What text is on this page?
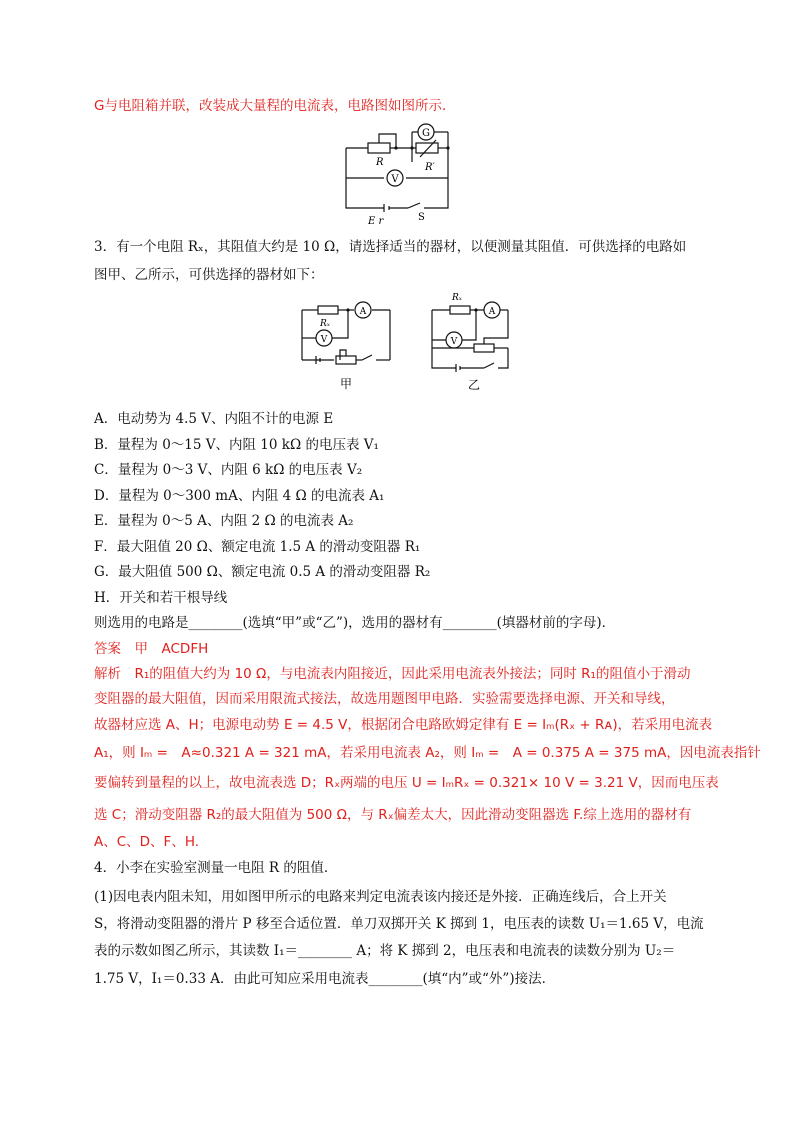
G与电阻箱并联，改装成大量程的电流表，电路图如图所示．
G
V
R	R′
E r	S
3．有一个电阻 Rₓ，其阻值大约是 10 Ω，请选择适当的器材，以便测量其阻值．可供选择的电路如
图甲、乙所示，可供选择的器材如下：
A
V
Rₓ
甲
A
V
Rₓ
乙
A．电动势为 4.5 V、内阻不计的电源 E
B．量程为 0～15 V、内阻 10 kΩ 的电压表 V₁
C．量程为 0～3 V、内阻 6 kΩ 的电压表 V₂
D．量程为 0～300 mA、内阻 4 Ω 的电流表 A₁
E．量程为 0～5 A、内阻 2 Ω 的电流表 A₂
F．最大阻值 20 Ω、额定电流 1.5 A 的滑动变阻器 R₁
G．最大阻值 500 Ω、额定电流 0.5 A 的滑动变阻器 R₂
H．开关和若干根导线
则选用的电路是________(选填“甲”或“乙”)，选用的器材有________(填器材前的字母)．
答案　甲　ACDFH
解析　R₁的阻值大约为 10 Ω，与电流表内阻接近，因此采用电流表外接法；同时 R₁的阻值小于滑动
变阻器的最大阻值，因而采用限流式接法，故选用题图甲电路．实验需要选择电源、开关和导线，
故器材应选 A、H；电源电动势 E = 4.5 V，根据闭合电路欧姆定律有 E = Iₘ(Rₓ + Rᴀ)，若采用电流表
A₁，则 Iₘ =　A≈0.321 A = 321 mA，若采用电流表 A₂，则 Iₘ =　A = 0.375 A = 375 mA，因电流表指针
要偏转到量程的以上，故电流表选 D；Rₓ两端的电压 U = IₘRₓ = 0.321× 10 V = 3.21 V，因而电压表
选 C；滑动变阻器 R₂的最大阻值为 500 Ω，与 Rₓ偏差太大，因此滑动变阻器选 F.综上选用的器材有
A、C、D、F、H.
4．小李在实验室测量一电阻 R 的阻值．
(1)因电表内阻未知，用如图甲所示的电路来判定电流表该内接还是外接．正确连线后，合上开关
S，将滑动变阻器的滑片 P 移至合适位置．单刀双掷开关 K 掷到 1，电压表的读数 U₁＝1.65 V，电流
表的示数如图乙所示，其读数 I₁＝________ A；将 K 掷到 2，电压表和电流表的读数分别为 U₂＝
1.75 V，I₁＝0.33 A．由此可知应采用电流表________(填“内”或“外”)接法．
